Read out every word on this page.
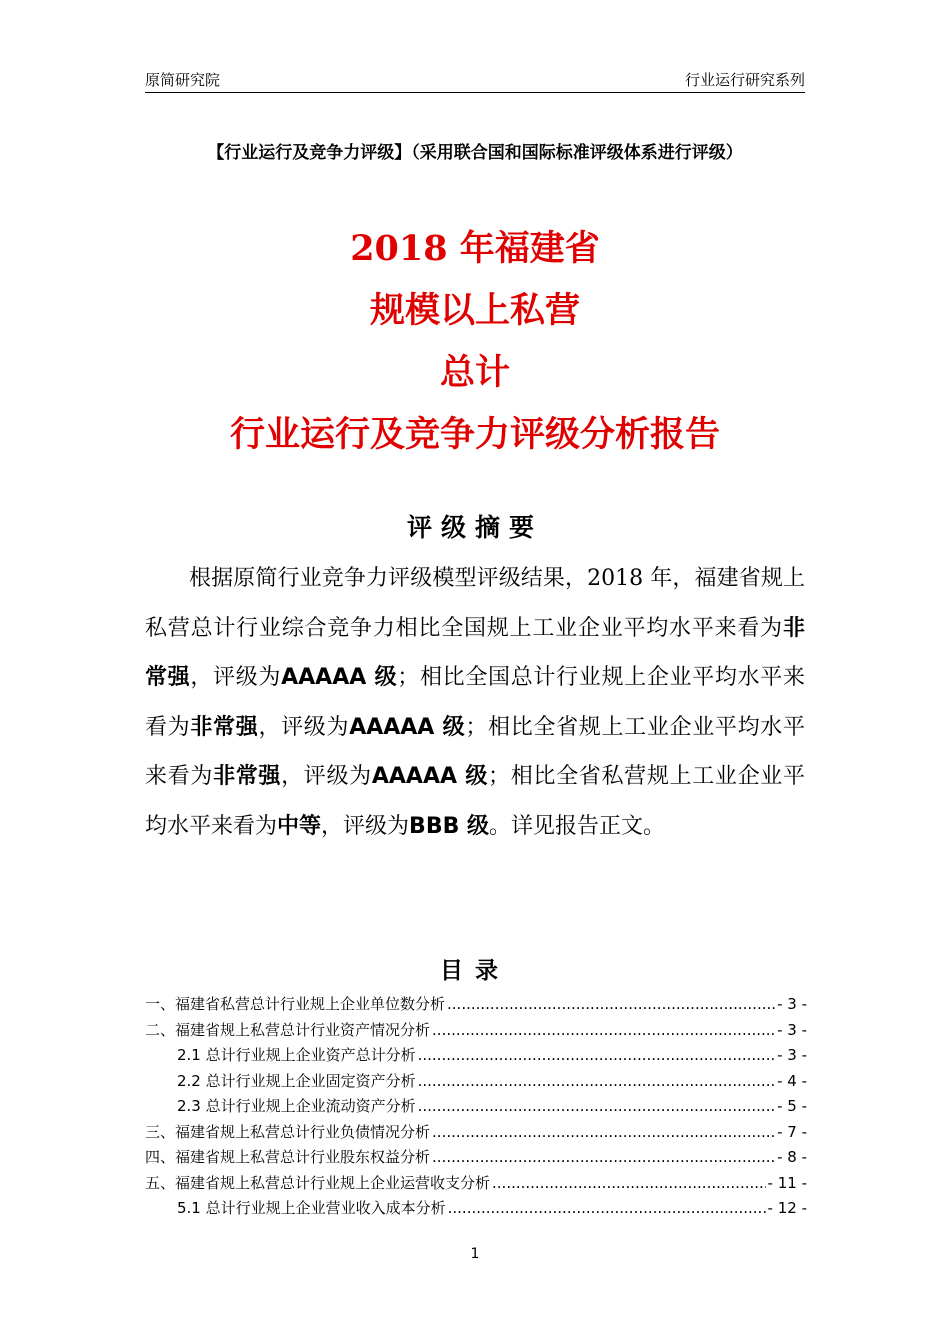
原简研究院	行业运行研究系列
【行业运行及竞争力评级】（采用联合国和国际标准评级体系进行评级）
2018 年福建省
规模以上私营
总计
行业运行及竞争力评级分析报告
评级摘要

根据原简行业竞争力评级模型评级结果，2018 年，福建省规上私营总计行业综合竞争力相比全国规上工业企业平均水平来看为非常强，评级为AAAAA 级；相比全国总计行业规上企业平均水平来看为非常强，评级为AAAAA 级；相比全省规上工业企业平均水平来看为非常强，评级为AAAAA 级；相比全省私营规上工业企业平均水平来看为中等，评级为BBB 级。详见报告正文。

目录
一、福建省私营总计行业规上企业单位数分析 .....	- 3 -
二、福建省规上私营总计行业资产情况分析 .....	- 3 -
2.1 总计行业规上企业资产总计分析 .....	- 3 -
2.2 总计行业规上企业固定资产分析 .....	- 4 -
2.3 总计行业规上企业流动资产分析 .....	- 5 -
三、福建省规上私营总计行业负债情况分析 .....	- 7 -
四、福建省规上私营总计行业股东权益分析 .....	- 8 -
五、福建省规上私营总计行业规上企业运营收支分析 .....	- 11 -
5.1 总计行业规上企业营业收入成本分析 .....	- 12 -
1
